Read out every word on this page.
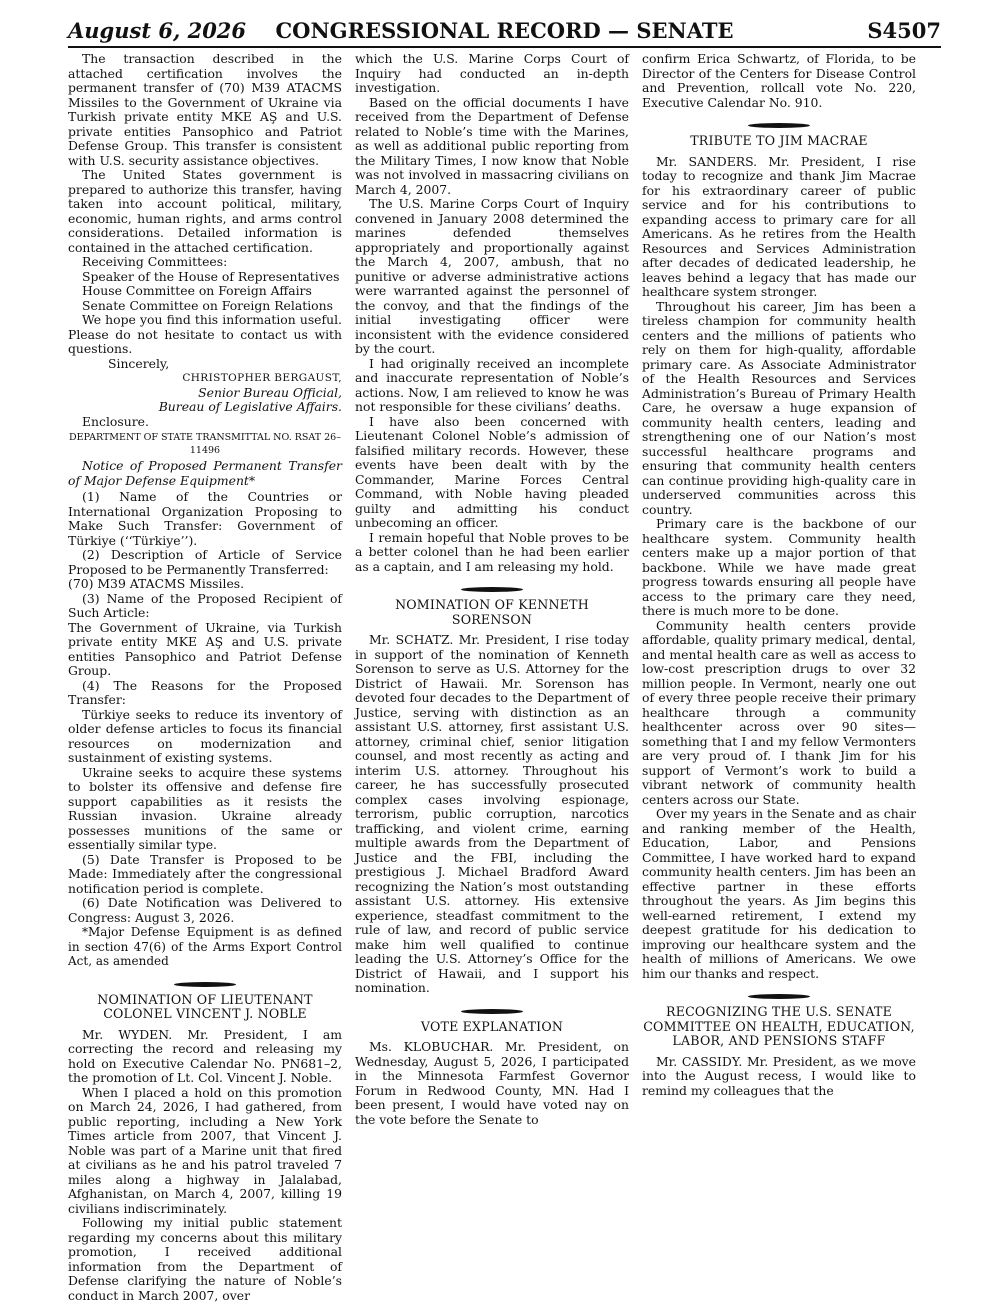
August 6, 2026	CONGRESSIONAL RECORD — SENATE	S4507

The transaction described in the attached certification involves the permanent transfer of (70) M39 ATACMS Missiles to the Government of Ukraine via Turkish private entity MKE AŞ and U.S. private entities Pansophico and Patriot Defense Group. This transfer is consistent with U.S. security assistance objectives.

The United States government is prepared to authorize this transfer, having taken into account political, military, economic, human rights, and arms control considerations. Detailed information is contained in the attached certification.

Receiving Committees:

Speaker of the House of Representatives

House Committee on Foreign Affairs

Senate Committee on Foreign Relations

We hope you find this information useful. Please do not hesitate to contact us with questions.

Sincerely,

CHRISTOPHER BERGAUST,

Senior Bureau Official,

Bureau of Legislative Affairs.

Enclosure.

DEPARTMENT OF STATE TRANSMITTAL NO. RSAT 26–11496

Notice of Proposed Permanent Transfer of Major Defense Equipment*

(1) Name of the Countries or International Organization Proposing to Make Such Transfer: Government of Türkiye (‘‘Türkiye’’).

(2) Description of Article of Service Proposed to be Permanently Transferred:

(70) M39 ATACMS Missiles.

(3) Name of the Proposed Recipient of Such Article:

The Government of Ukraine, via Turkish private entity MKE AŞ and U.S. private entities Pansophico and Patriot Defense Group.

(4) The Reasons for the Proposed Transfer:

Türkiye seeks to reduce its inventory of older defense articles to focus its financial resources on modernization and sustainment of existing systems.

Ukraine seeks to acquire these systems to bolster its offensive and defense fire support capabilities as it resists the Russian invasion. Ukraine already possesses munitions of the same or essentially similar type.

(5) Date Transfer is Proposed to be Made: Immediately after the congressional notification period is complete.

(6) Date Notification was Delivered to Congress: August 3, 2026.

*Major Defense Equipment is as defined in section 47(6) of the Arms Export Control Act, as amended

NOMINATION OF LIEUTENANT COLONEL VINCENT J. NOBLE

Mr. WYDEN. Mr. President, I am correcting the record and releasing my hold on Executive Calendar No. PN681–2, the promotion of Lt. Col. Vincent J. Noble.

When I placed a hold on this promotion on March 24, 2026, I had gathered, from public reporting, including a New York Times article from 2007, that Vincent J. Noble was part of a Marine unit that fired at civilians as he and his patrol traveled 7 miles along a highway in Jalalabad, Afghanistan, on March 4, 2007, killing 19 civilians indiscriminately.

Following my initial public statement regarding my concerns about this military promotion, I received additional information from the Department of Defense clarifying the nature of Noble’s conduct in March 2007, over

which the U.S. Marine Corps Court of Inquiry had conducted an in-depth investigation.

Based on the official documents I have received from the Department of Defense related to Noble’s time with the Marines, as well as additional public reporting from the Military Times, I now know that Noble was not involved in massacring civilians on March 4, 2007.

The U.S. Marine Corps Court of Inquiry convened in January 2008 determined the marines defended themselves appropriately and proportionally against the March 4, 2007, ambush, that no punitive or adverse administrative actions were warranted against the personnel of the convoy, and that the findings of the initial investigating officer were inconsistent with the evidence considered by the court.

I had originally received an incomplete and inaccurate representation of Noble’s actions. Now, I am relieved to know he was not responsible for these civilians’ deaths.

I have also been concerned with Lieutenant Colonel Noble’s admission of falsified military records. However, these events have been dealt with by the Commander, Marine Forces Central Command, with Noble having pleaded guilty and admitting his conduct unbecoming an officer.

I remain hopeful that Noble proves to be a better colonel than he had been earlier as a captain, and I am releasing my hold.

NOMINATION OF KENNETH SORENSON

Mr. SCHATZ. Mr. President, I rise today in support of the nomination of Kenneth Sorenson to serve as U.S. Attorney for the District of Hawaii. Mr. Sorenson has devoted four decades to the Department of Justice, serving with distinction as an assistant U.S. attorney, first assistant U.S. attorney, criminal chief, senior litigation counsel, and most recently as acting and interim U.S. attorney. Throughout his career, he has successfully prosecuted complex cases involving espionage, terrorism, public corruption, narcotics trafficking, and violent crime, earning multiple awards from the Department of Justice and the FBI, including the prestigious J. Michael Bradford Award recognizing the Nation’s most outstanding assistant U.S. attorney. His extensive experience, steadfast commitment to the rule of law, and record of public service make him well qualified to continue leading the U.S. Attorney’s Office for the District of Hawaii, and I support his nomination.

VOTE EXPLANATION

Ms. KLOBUCHAR. Mr. President, on Wednesday, August 5, 2026, I participated in the Minnesota Farmfest Governor Forum in Redwood County, MN. Had I been present, I would have voted nay on the vote before the Senate to

confirm Erica Schwartz, of Florida, to be Director of the Centers for Disease Control and Prevention, rollcall vote No. 220, Executive Calendar No. 910.

TRIBUTE TO JIM MACRAE

Mr. SANDERS. Mr. President, I rise today to recognize and thank Jim Macrae for his extraordinary career of public service and for his contributions to expanding access to primary care for all Americans. As he retires from the Health Resources and Services Administration after decades of dedicated leadership, he leaves behind a legacy that has made our healthcare system stronger.

Throughout his career, Jim has been a tireless champion for community health centers and the millions of patients who rely on them for high-quality, affordable primary care. As Associate Administrator of the Health Resources and Services Administration’s Bureau of Primary Health Care, he oversaw a huge expansion of community health centers, leading and strengthening one of our Nation’s most successful healthcare programs and ensuring that community health centers can continue providing high-quality care in underserved communities across this country.

Primary care is the backbone of our healthcare system. Community health centers make up a major portion of that backbone. While we have made great progress towards ensuring all people have access to the primary care they need, there is much more to be done.

Community health centers provide affordable, quality primary medical, dental, and mental health care as well as access to low-cost prescription drugs to over 32 million people. In Vermont, nearly one out of every three people receive their primary healthcare through a community healthcenter across over 90 sites—something that I and my fellow Vermonters are very proud of. I thank Jim for his support of Vermont’s work to build a vibrant network of community health centers across our State.

Over my years in the Senate and as chair and ranking member of the Health, Education, Labor, and Pensions Committee, I have worked hard to expand community health centers. Jim has been an effective partner in these efforts throughout the years. As Jim begins this well-earned retirement, I extend my deepest gratitude for his dedication to improving our healthcare system and the health of millions of Americans. We owe him our thanks and respect.

RECOGNIZING THE U.S. SENATE COMMITTEE ON HEALTH, EDUCATION, LABOR, AND PENSIONS STAFF

Mr. CASSIDY. Mr. President, as we move into the August recess, I would like to remind my colleagues that the
